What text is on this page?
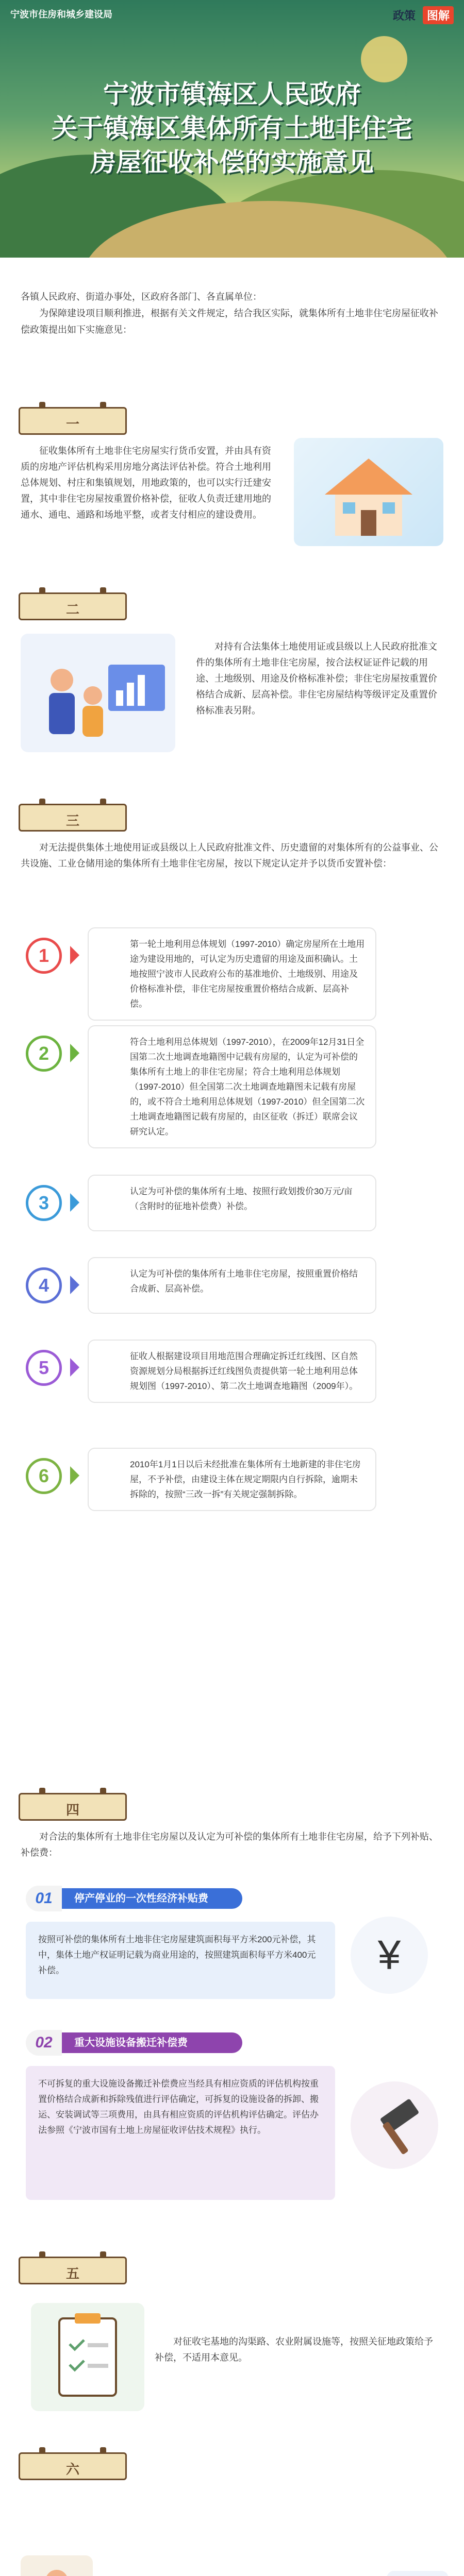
宁波市住房和城乡建设局	政策	图解
宁波市镇海区人民政府
关于镇海区集体所有土地非住宅
房屋征收补偿的实施意见

各镇人民政府、街道办事处，区政府各部门、各直属单位：

为保障建设项目顺利推进，根据有关文件规定，结合我区实际，就集体所有土地非住宅房屋征收补偿政策提出如下实施意见：

一
征收集体所有土地非住宅房屋实行货币安置，并由具有资质的房地产评估机构采用房地分离法评估补偿。符合土地利用总体规划、村庄和集镇规划，用地政策的，也可以实行迁建安置，其中非住宅房屋按重置价格补偿，征收人负责迁建用地的通水、通电、通路和场地平整，或者支付相应的建设费用。
二
对持有合法集体土地使用证或县级以上人民政府批准文件的集体所有土地非住宅房屋，按合法权证证件记载的用途、土地级别、用途及价格标准补偿；非住宅房屋按重置价格结合成新、层高补偿。非住宅房屋结构等级评定及重置价格标准表另附。
三
对无法提供集体土地使用证或县级以上人民政府批准文件、历史遗留的对集体所有的公益事业、公共设施、工业仓储用途的集体所有土地非住宅房屋，按以下规定认定并予以货币安置补偿：
1
第一轮土地利用总体规划（1997-2010）确定房屋所在土地用途为建设用地的，可认定为历史遗留的用途及面积确认。土地按照宁波市人民政府公布的基准地价、土地级别、用途及价格标准补偿，非住宅房屋按重置价格结合成新、层高补偿。
2
符合土地利用总体规划（1997-2010），在2009年12月31日全国第二次土地调查地籍图中记载有房屋的，认定为可补偿的集体所有土地上的非住宅房屋；符合土地利用总体规划（1997-2010）但全国第二次土地调查地籍图未记载有房屋的，或不符合土地利用总体规划（1997-2010）但全国第二次土地调查地籍图记载有房屋的，由区征收（拆迁）联席会议研究认定。
3
认定为可补偿的集体所有土地、按照行政划拨价30万元/亩（含附时的征地补偿费）补偿。
4
认定为可补偿的集体所有土地非住宅房屋，按照重置价格结合成新、层高补偿。
5
征收人根据建设项目用地范围合理确定拆迁红线图、区自然资源规划分局根据拆迁红线图负责提供第一轮土地利用总体规划图（1997-2010）、第二次土地调查地籍图（2009年）。
6
2010年1月1日以后未经批准在集体所有土地新建的非住宅房屋，不予补偿，由建设主体在规定期限内自行拆除，逾期未拆除的，按照“三改一拆”有关规定强制拆除。
四
对合法的集体所有土地非住宅房屋以及认定为可补偿的集体所有土地非住宅房屋，给予下列补贴、补偿费：
01	停产停业的一次性经济补贴费
按照可补偿的集体所有土地非住宅房屋建筑面积每平方米200元补偿，其中，集体土地产权证明记载为商业用途的，按照建筑面积每平方米400元补偿。	¥
02	重大设施设备搬迁补偿费
不可拆复的重大设施设备搬迁补偿费应当经具有相应资质的评估机构按重置价格结合成新和拆除残值进行评估确定，可拆复的设施设备的拆卸、搬运、安装调试等三项费用，由具有相应资质的评估机构评估确定。评估办法参照《宁波市国有土地上房屋征收评估技术规程》执行。
五
对征收宅基地的沟渠路、农业附属设施等，按照关征地政策给予补偿，不适用本意见。
六
